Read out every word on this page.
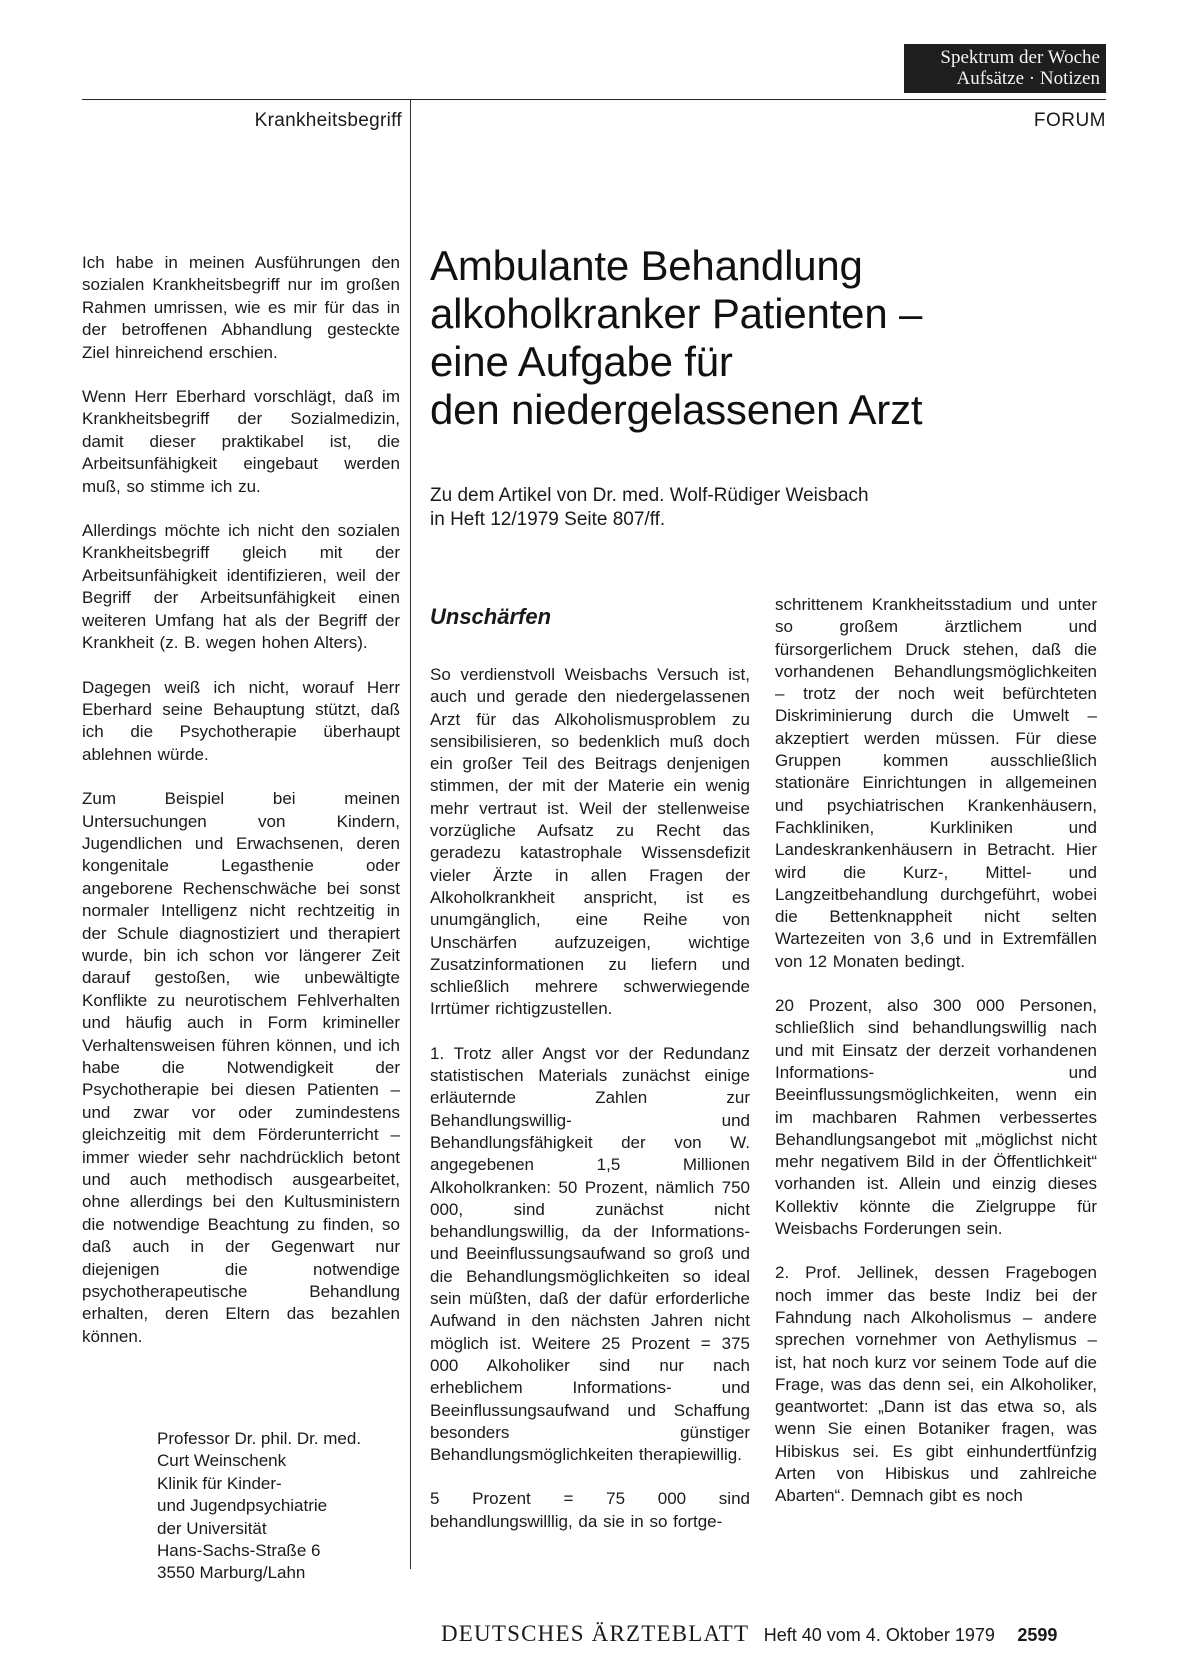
Spektrum der Woche
Aufsätze · Notizen
Krankheitsbegriff	FORUM

Ich habe in meinen Ausführungen den sozialen Krankheitsbegriff nur im großen Rahmen umrissen, wie es mir für das in der betroffenen Abhandlung gesteckte Ziel hinreichend erschien.

Wenn Herr Eberhard vorschlägt, daß im Krankheitsbegriff der Sozialmedizin, damit dieser praktikabel ist, die Arbeitsunfähigkeit eingebaut werden muß, so stimme ich zu.

Allerdings möchte ich nicht den sozialen Krankheitsbegriff gleich mit der Arbeitsunfähigkeit identifizieren, weil der Begriff der Arbeitsunfähigkeit einen weiteren Umfang hat als der Begriff der Krankheit (z. B. wegen hohen Alters).

Dagegen weiß ich nicht, worauf Herr Eberhard seine Behauptung stützt, daß ich die Psychotherapie überhaupt ablehnen würde.

Zum Beispiel bei meinen Untersuchungen von Kindern, Jugendlichen und Erwachsenen, deren kongenitale Legasthenie oder angeborene Rechenschwäche bei sonst normaler Intelligenz nicht rechtzeitig in der Schule diagnostiziert und therapiert wurde, bin ich schon vor längerer Zeit darauf gestoßen, wie unbewältigte Konflikte zu neurotischem Fehlverhalten und häufig auch in Form krimineller Verhaltensweisen führen können, und ich habe die Notwendigkeit der Psychotherapie bei diesen Patienten – und zwar vor oder zumindestens gleichzeitig mit dem Förderunterricht – immer wieder sehr nachdrücklich betont und auch methodisch ausgearbeitet, ohne allerdings bei den Kultusministern die notwendige Beachtung zu finden, so daß auch in der Gegenwart nur diejenigen die notwendige psychotherapeutische Behandlung erhalten, deren Eltern das bezahlen können.

Professor Dr. phil. Dr. med.
Curt Weinschenk
Klinik für Kinder-
und Jugendpsychiatrie
der Universität
Hans-Sachs-Straße 6
3550 Marburg/Lahn
Ambulante Behandlung
alkoholkranker Patienten –
eine Aufgabe für
den niedergelassenen Arzt
Zu dem Artikel von Dr. med. Wolf-Rüdiger Weisbach
in Heft 12/1979 Seite 807/ff.
Unschärfen

So verdienstvoll Weisbachs Versuch ist, auch und gerade den niedergelassenen Arzt für das Alkoholismusproblem zu sensibilisieren, so bedenklich muß doch ein großer Teil des Beitrags denjenigen stimmen, der mit der Materie ein wenig mehr vertraut ist. Weil der stellenweise vorzügliche Aufsatz zu Recht das geradezu katastrophale Wissensdefizit vieler Ärzte in allen Fragen der Alkoholkrankheit anspricht, ist es unumgänglich, eine Reihe von Unschärfen aufzuzeigen, wichtige Zusatzinformationen zu liefern und schließlich mehrere schwerwiegende Irrtümer richtigzustellen.

1. Trotz aller Angst vor der Redundanz statistischen Materials zunächst einige erläuternde Zahlen zur Behandlungswillig- und Behandlungsfähigkeit der von W. angegebenen 1,5 Millionen Alkoholkranken: 50 Prozent, nämlich 750 000, sind zunächst nicht behandlungswillig, da der Informations- und Beeinflussungsaufwand so groß und die Behandlungsmöglichkeiten so ideal sein müßten, daß der dafür erforderliche Aufwand in den nächsten Jahren nicht möglich ist. Weitere 25 Prozent = 375 000 Alkoholiker sind nur nach erheblichem Informations- und Beeinflussungsaufwand und Schaffung besonders günstiger Behandlungsmöglichkeiten therapiewillig.

5 Prozent = 75 000 sind behandlungswilllig, da sie in so fortge-

schrittenem Krankheitsstadium und unter so großem ärztlichem und fürsorgerlichem Druck stehen, daß die vorhandenen Behandlungsmöglichkeiten – trotz der noch weit befürchteten Diskriminierung durch die Umwelt – akzeptiert werden müssen. Für diese Gruppen kommen ausschließlich stationäre Einrichtungen in allgemeinen und psychiatrischen Krankenhäusern, Fachkliniken, Kurkliniken und Landeskrankenhäusern in Betracht. Hier wird die Kurz-, Mittel- und Langzeitbehandlung durchgeführt, wobei die Bettenknappheit nicht selten Wartezeiten von 3,6 und in Extremfällen von 12 Monaten bedingt.

20 Prozent, also 300 000 Personen, schließlich sind behandlungswillig nach und mit Einsatz der derzeit vorhandenen Informations- und Beeinflussungsmöglichkeiten, wenn ein im machbaren Rahmen verbessertes Behandlungsangebot mit „möglichst nicht mehr negativem Bild in der Öffentlichkeit“ vorhanden ist. Allein und einzig dieses Kollektiv könnte die Zielgruppe für Weisbachs Forderungen sein.

2. Prof. Jellinek, dessen Fragebogen noch immer das beste Indiz bei der Fahndung nach Alkoholismus – andere sprechen vornehmer von Aethylismus – ist, hat noch kurz vor seinem Tode auf die Frage, was das denn sei, ein Alkoholiker, geantwortet: „Dann ist das etwa so, als wenn Sie einen Botaniker fragen, was Hibiskus sei. Es gibt einhundertfünfzig Arten von Hibiskus und zahlreiche Abarten“. Demnach gibt es noch

DEUTSCHES ÄRZTEBLATT Heft 40 vom 4. Oktober 1979 2599
